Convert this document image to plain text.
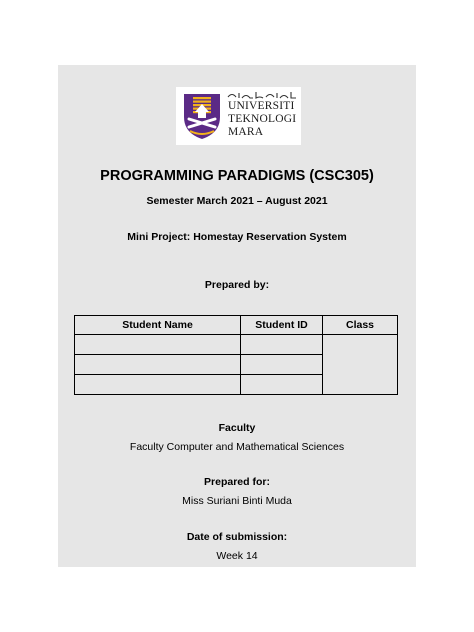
UNIVERSITI
TEKNOLOGI
MARA
PROGRAMMING PARADIGMS (CSC305)
Semester March 2021 – August 2021
Mini Project: Homestay Reservation System
Prepared by:
Student Name	Student ID	Class

Faculty
Faculty Computer and Mathematical Sciences
Prepared for:
Miss Suriani Binti Muda
Date of submission:
Week 14
